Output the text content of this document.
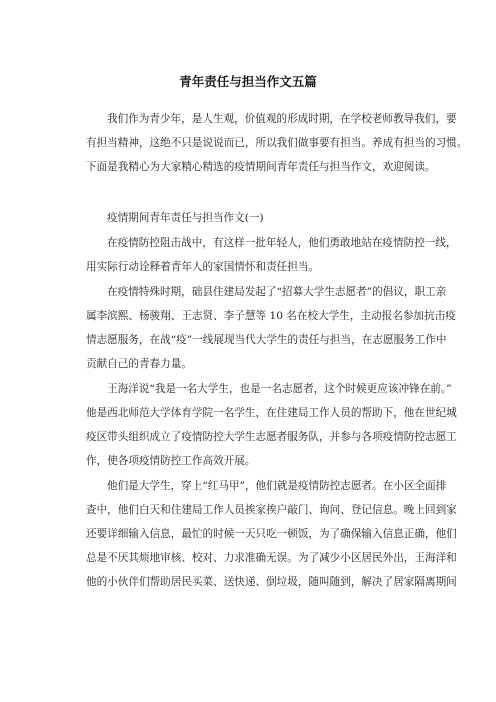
青年责任与担当作文五篇
我们作为青少年，是人生观，价值观的形成时期，在学校老师教导我们，要
有担当精神，这绝不只是说说而已，所以我们做事要有担当。养成有担当的习惯。
下面是我精心为大家精心精选的疫情期间青年责任与担当作文，欢迎阅读。
疫情期间青年责任与担当作文(一)
在疫情防控阻击战中，有这样一批年轻人，他们勇敢地站在疫情防控一线，
用实际行动诠释着青年人的家国情怀和责任担当。
在疫情特殊时期，础县住建局发起了“招募大学生志愿者”的倡议，职工亲
属李滨熙、杨骏翔、王志贤、李子慧等 10 名在校大学生，主动报名参加抗击疫
情志愿服务，在战“疫”一线展现当代大学生的责任与担当，在志愿服务工作中
贡献自己的青春力量。
王海洋说“我是一名大学生，也是一名志愿者，这个时候更应该冲锋在前。”
他是西北师范大学体育学院一名学生，在住建局工作人员的帮助下，他在世纪城
疫区带头组织成立了疫情防控大学生志愿者服务队，并参与各项疫情防控志愿工
作，使各项疫情防控工作高效开展。
他们是大学生，穿上“红马甲”，他们就是疫情防控志愿者。在小区全面排
查中，他们白天和住建局工作人员挨家挨户敲门、询问、登记信息。晚上回到家
还要详细输入信息，最忙的时候一天只吃一顿饭，为了确保输入信息正确，他们
总是不厌其烦地审核、校对、力求准确无误。为了减少小区居民外出，王海洋和
他的小伙伴们帮助居民买菜、送快递、倒垃圾，随叫随到，解决了居家隔离期间
